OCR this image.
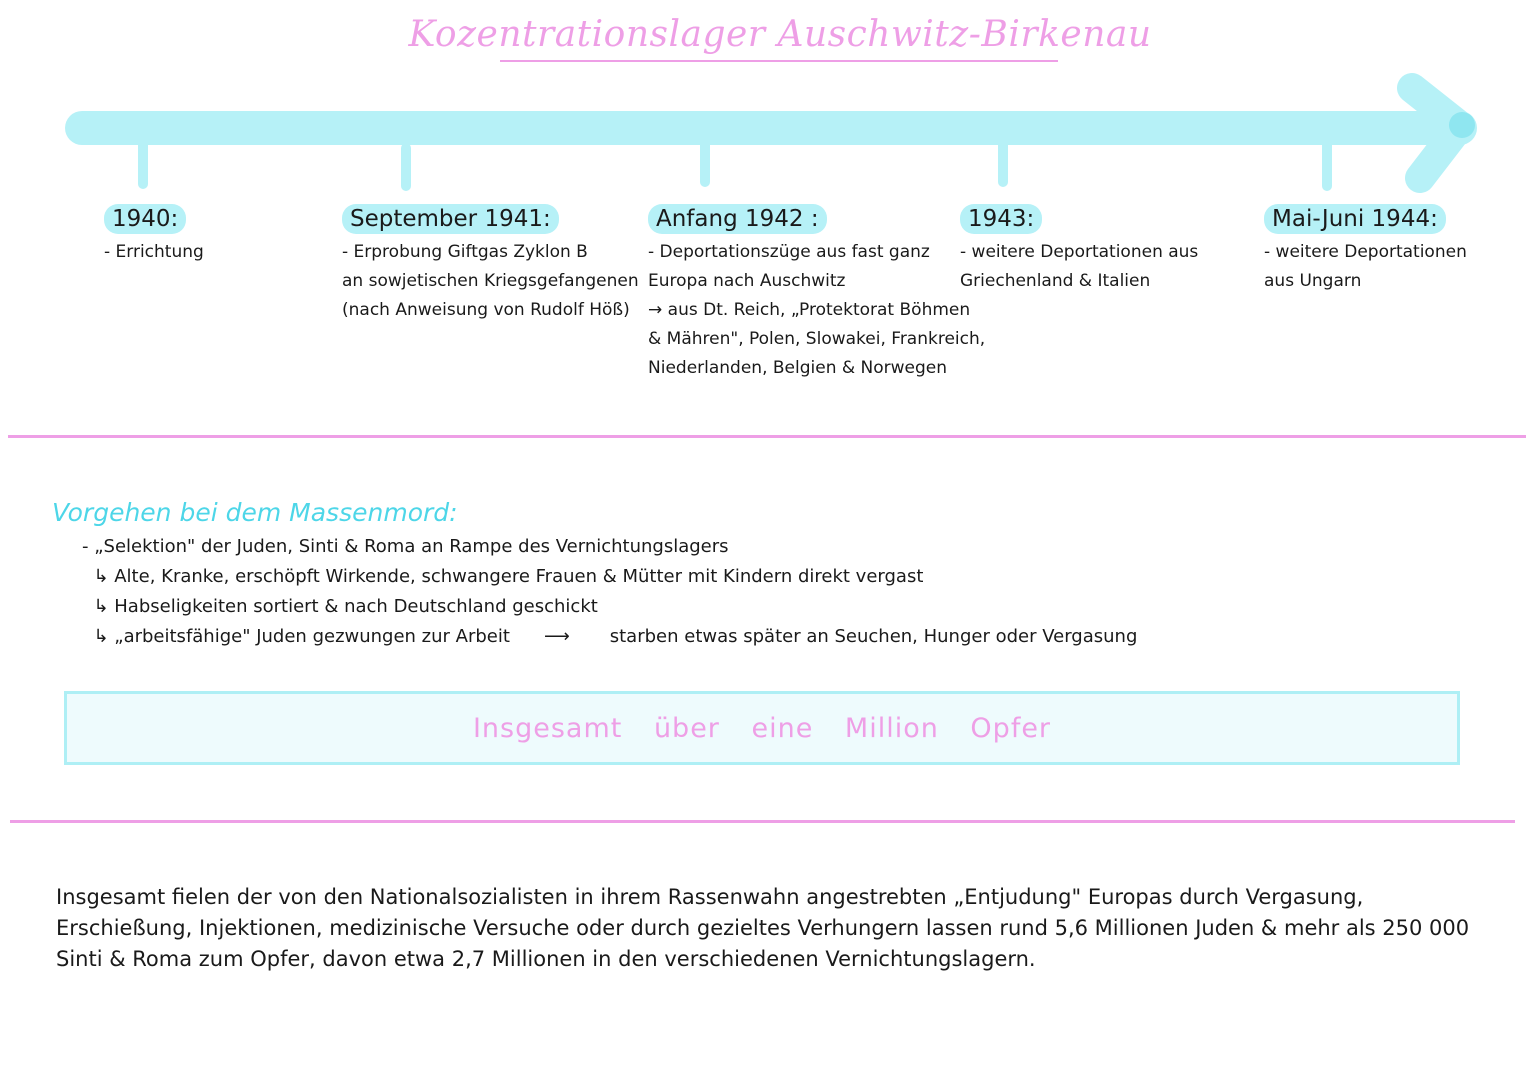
Kozentrationslager Auschwitz-Birkenau
1940:
- Errichtung
September 1941:
- Erprobung Giftgas Zyklon B
an sowjetischen Kriegsgefangenen
(nach Anweisung von Rudolf Höß)
Anfang 1942 :
- Deportationszüge aus fast ganz
Europa nach Auschwitz
→ aus Dt. Reich, „Protektorat Böhmen
& Mähren", Polen, Slowakei, Frankreich,
Niederlanden, Belgien & Norwegen
1943:
- weitere Deportationen aus
Griechenland & Italien
Mai-Juni 1944:
- weitere Deportationen
aus Ungarn
Vorgehen bei dem Massenmord:
- „Selektion" der Juden, Sinti & Roma an Rampe des Vernichtungslagers
↳ Alte, Kranke, erschöpft Wirkende, schwangere Frauen & Mütter mit Kindern direkt vergast
↳ Habseligkeiten sortiert & nach Deutschland geschickt
↳ „arbeitsfähige" Juden gezwungen zur Arbeit ⟶ starben etwas später an Seuchen, Hunger oder Vergasung
Insgesamt über eine Million Opfer
Insgesamt fielen der von den Nationalsozialisten in ihrem Rassenwahn angestrebten „Entjudung" Europas durch Vergasung, Erschießung, Injektionen, medizinische Versuche oder durch gezieltes Verhungern lassen rund 5,6 Millionen Juden & mehr als 250 000 Sinti & Roma zum Opfer, davon etwa 2,7 Millionen in den verschiedenen Vernichtungslagern.
